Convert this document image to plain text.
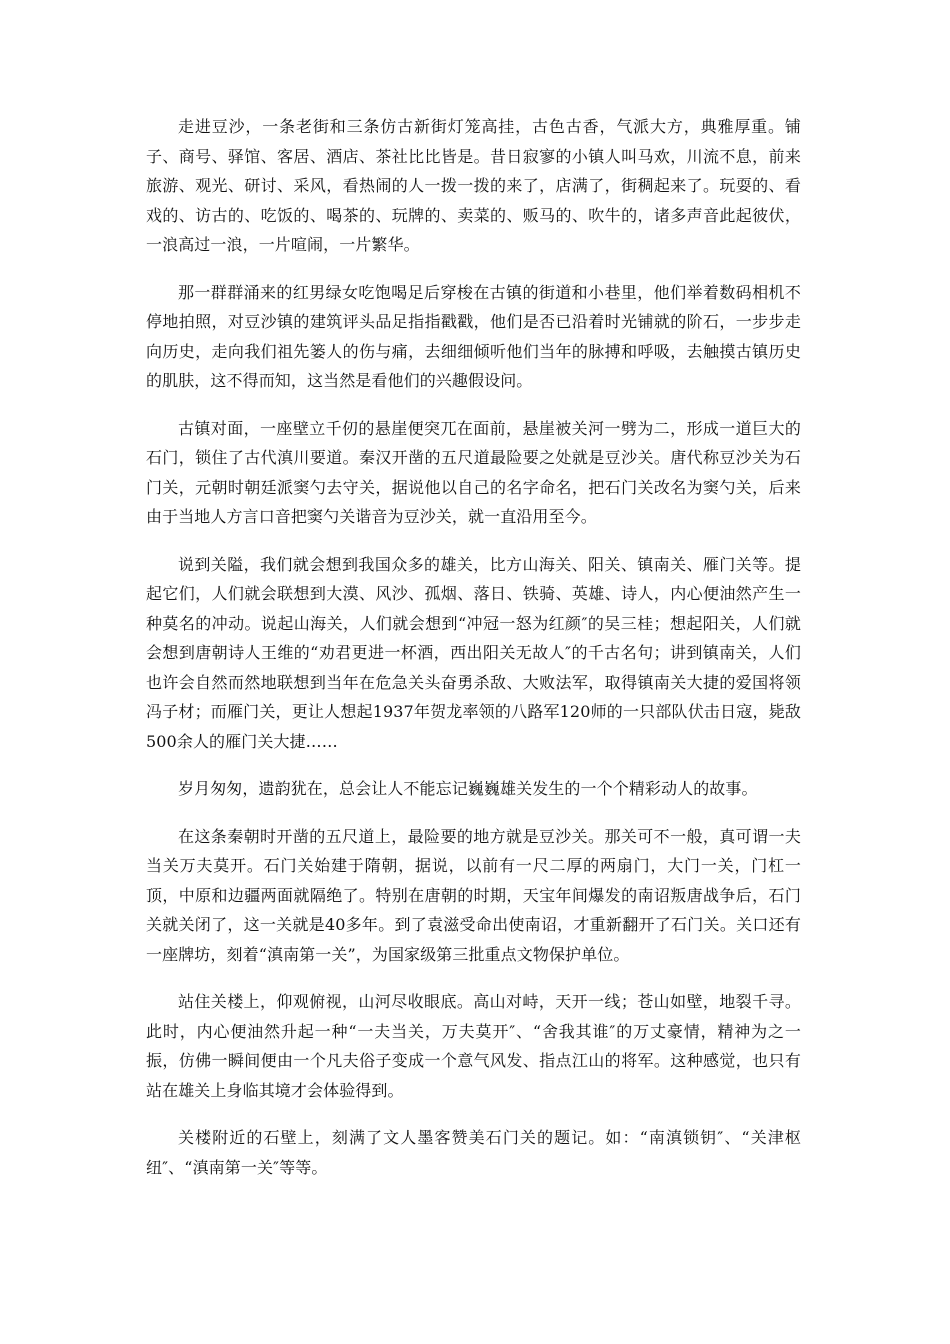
走进豆沙，一条老街和三条仿古新街灯笼高挂，古色古香，气派大方，典雅厚重。铺子、商号、驿馆、客居、酒店、茶社比比皆是。昔日寂寥的小镇人叫马欢，川流不息，前来旅游、观光、研讨、采风，看热闹的人一拨一拨的来了，店满了，街稠起来了。玩耍的、看戏的、访古的、吃饭的、喝茶的、玩牌的、卖菜的、贩马的、吹牛的，诸多声音此起彼伏，一浪高过一浪，一片喧闹，一片繁华。

那一群群涌来的红男绿女吃饱喝足后穿梭在古镇的街道和小巷里，他们举着数码相机不停地拍照，对豆沙镇的建筑评头品足指指戳戳，他们是否已沿着时光铺就的阶石，一步步走向历史，走向我们祖先篓人的伤与痛，去细细倾听他们当年的脉搏和呼吸，去触摸古镇历史的肌肤，这不得而知，这当然是看他们的兴趣假设问。

古镇对面，一座壁立千仞的悬崖便突兀在面前，悬崖被关河一劈为二，形成一道巨大的石门，锁住了古代滇川要道。秦汉开凿的五尺道最险要之处就是豆沙关。唐代称豆沙关为石门关，元朝时朝廷派窦勺去守关，据说他以自己的名字命名，把石门关改名为窦勺关，后来由于当地人方言口音把窦勺关谐音为豆沙关，就一直沿用至今。

说到关隘，我们就会想到我国众多的雄关，比方山海关、阳关、镇南关、雁门关等。提起它们，人们就会联想到大漠、风沙、孤烟、落日、铁骑、英雄、诗人，内心便油然产生一种莫名的冲动。说起山海关，人们就会想到“冲冠一怒为红颜″的吴三桂；想起阳关，人们就会想到唐朝诗人王维的“劝君更进一杯酒，西出阳关无故人″的千古名句；讲到镇南关，人们也许会自然而然地联想到当年在危急关头奋勇杀敌、大败法军，取得镇南关大捷的爱国将领冯子材；而雁门关，更让人想起1937年贺龙率领的八路军120师的一只部队伏击日寇，毙敌500余人的雁门关大捷……

岁月匆匆，遗韵犹在，总会让人不能忘记巍巍雄关发生的一个个精彩动人的故事。

在这条秦朝时开凿的五尺道上，最险要的地方就是豆沙关。那关可不一般，真可谓一夫当关万夫莫开。石门关始建于隋朝，据说，以前有一尺二厚的两扇门，大门一关，门杠一顶，中原和边疆两面就隔绝了。特别在唐朝的时期，天宝年间爆发的南诏叛唐战争后，石门关就关闭了，这一关就是40多年。到了袁滋受命出使南诏，才重新翻开了石门关。关口还有一座牌坊，刻着“滇南第一关”，为国家级第三批重点文物保护单位。

站住关楼上，仰观俯视，山河尽收眼底。高山对峙，天开一线；苍山如壁，地裂千寻。此时，内心便油然升起一种“一夫当关，万夫莫开″、“舍我其谁″的万丈豪情，精神为之一振，仿佛一瞬间便由一个凡夫俗子变成一个意气风发、指点江山的将军。这种感觉，也只有站在雄关上身临其境才会体验得到。

关楼附近的石壁上，刻满了文人墨客赞美石门关的题记。如：“南滇锁钥″、“关津枢纽″、“滇南第一关″等等。
